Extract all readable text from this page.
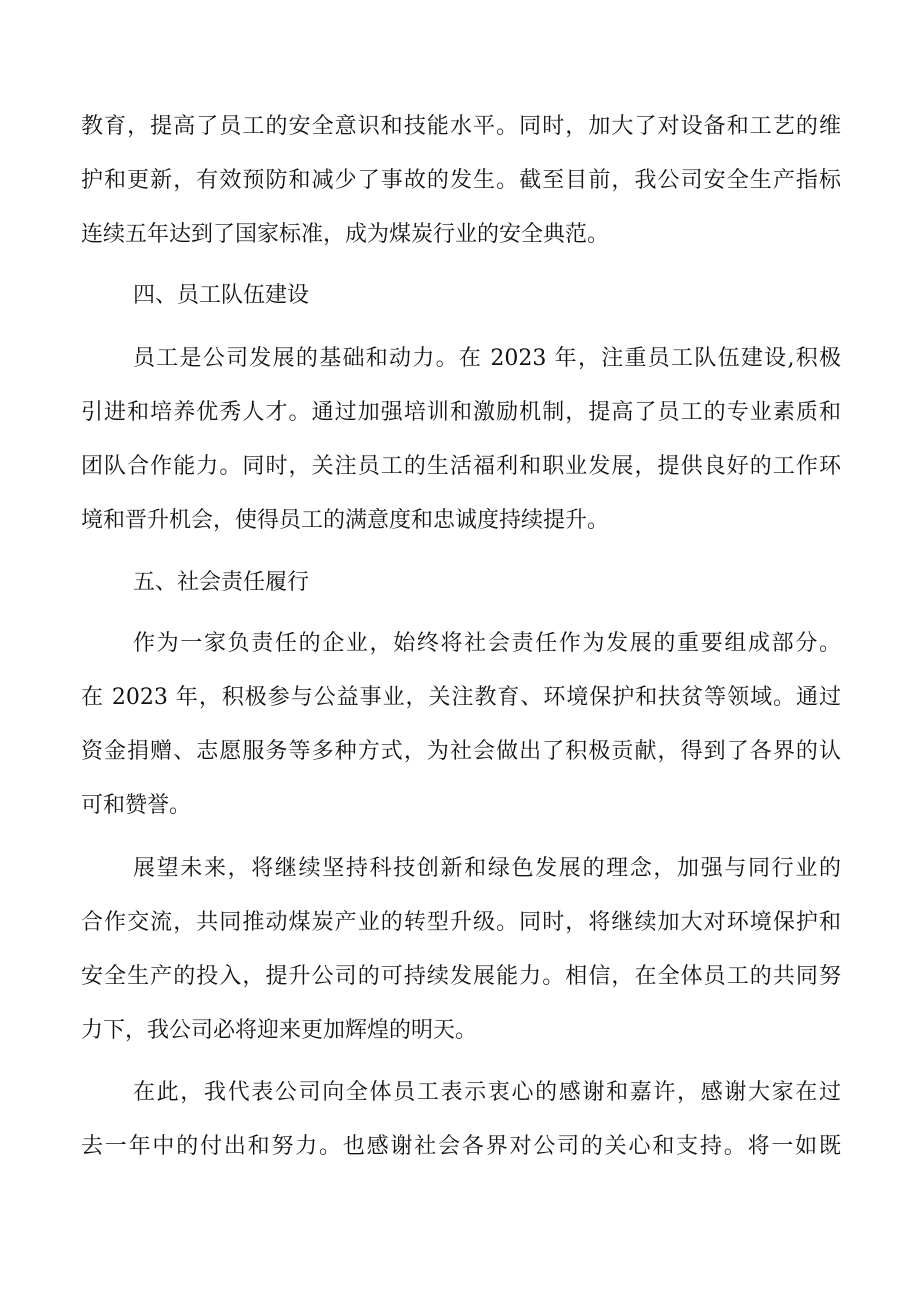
教育，提高了员工的安全意识和技能水平。同时，加大了对设备和工艺的维
护和更新，有效预防和减少了事故的发生。截至目前，我公司安全生产指标
连续五年达到了国家标准，成为煤炭行业的安全典范。
四、员工队伍建设
员工是公司发展的基础和动力。在 2023 年，注重员工队伍建设,积极
引进和培养优秀人才。通过加强培训和激励机制，提高了员工的专业素质和
团队合作能力。同时，关注员工的生活福利和职业发展，提供良好的工作环
境和晋升机会，使得员工的满意度和忠诚度持续提升。
五、社会责任履行
作为一家负责任的企业，始终将社会责任作为发展的重要组成部分。
在 2023 年，积极参与公益事业，关注教育、环境保护和扶贫等领域。通过
资金捐赠、志愿服务等多种方式，为社会做出了积极贡献，得到了各界的认
可和赞誉。
展望未来，将继续坚持科技创新和绿色发展的理念，加强与同行业的
合作交流，共同推动煤炭产业的转型升级。同时，将继续加大对环境保护和
安全生产的投入，提升公司的可持续发展能力。相信，在全体员工的共同努
力下，我公司必将迎来更加辉煌的明天。
在此，我代表公司向全体员工表示衷心的感谢和嘉许，感谢大家在过
去一年中的付出和努力。也感谢社会各界对公司的关心和支持。将一如既
